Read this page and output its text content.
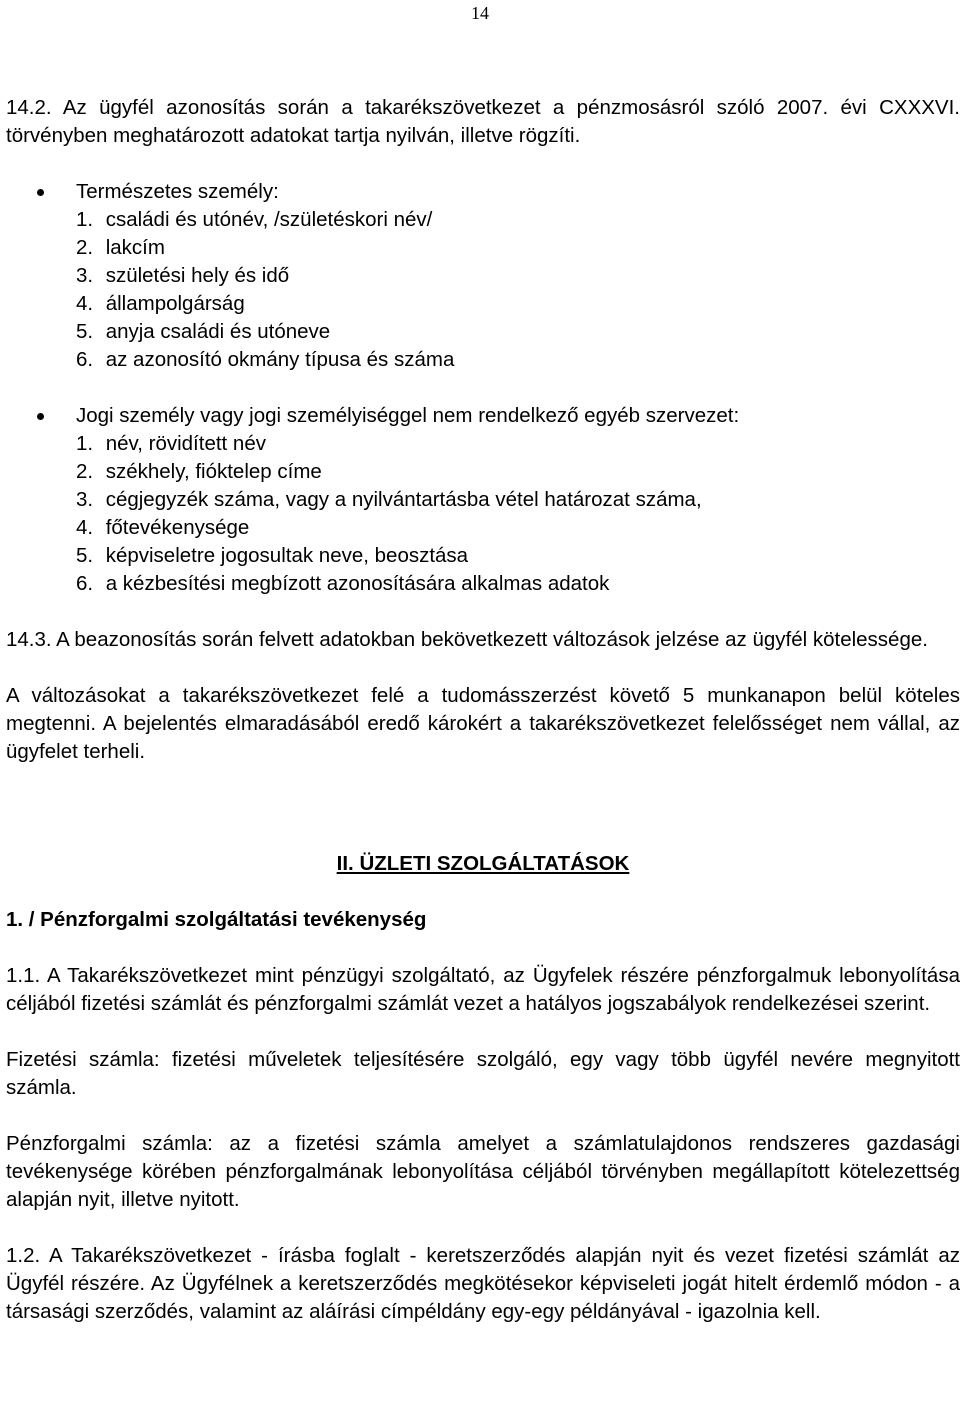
14

14.2. Az ügyfél azonosítás során a takarékszövetkezet a pénzmosásról szóló 2007. évi CXXXVI. törvényben meghatározott adatokat tartja nyilván, illetve rögzíti.

Természetes személy:

1. családi és utónév, /születéskori név/
2. lakcím
3. születési hely és idő
4. állampolgárság
5. anyja családi és utóneve
6. az azonosító okmány típusa és száma

Jogi személy vagy jogi személyiséggel nem rendelkező egyéb szervezet:

1. név, rövidített név
2. székhely, fióktelep címe
3. cégjegyzék száma, vagy a nyilvántartásba vétel határozat száma,
4. főtevékenysége
5. képviseletre jogosultak neve, beosztása
6. a kézbesítési megbízott azonosítására alkalmas adatok

14.3. A beazonosítás során felvett adatokban bekövetkezett változások jelzése az ügyfél kötelessége.

A változásokat a takarékszövetkezet felé a tudomásszerzést követő 5 munkanapon belül köteles megtenni. A bejelentés elmaradásából eredő károkért a takarékszövetkezet felelősséget nem vállal, az ügyfelet terheli.

II. ÜZLETI SZOLGÁLTATÁSOK

1. / Pénzforgalmi szolgáltatási tevékenység

1.1. A Takarékszövetkezet mint pénzügyi szolgáltató, az Ügyfelek részére pénzforgalmuk lebonyolítása céljából fizetési számlát és pénzforgalmi számlát vezet a hatályos jogszabályok rendelkezései szerint.

Fizetési számla: fizetési műveletek teljesítésére szolgáló, egy vagy több ügyfél nevére megnyitott számla.

Pénzforgalmi számla: az a fizetési számla amelyet a számlatulajdonos rendszeres gazdasági tevékenysége körében pénzforgalmának lebonyolítása céljából törvényben megállapított kötelezettség alapján nyit, illetve nyitott.

1.2. A Takarékszövetkezet - írásba foglalt - keretszerződés alapján nyit és vezet fizetési számlát az Ügyfél részére. Az Ügyfélnek a keretszerződés megkötésekor képviseleti jogát hitelt érdemlő módon - a társasági szerződés, valamint az aláírási címpéldány egy-egy példányával - igazolnia kell.
